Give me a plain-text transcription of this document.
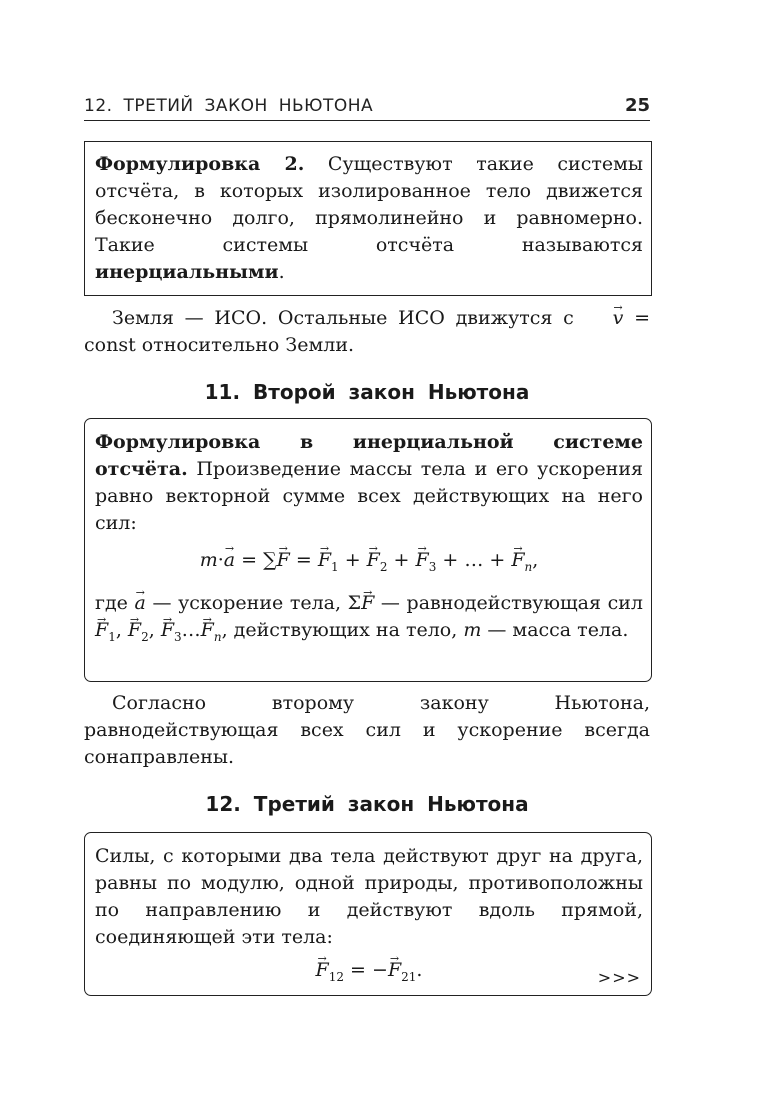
12. ТРЕТИЙ ЗАКОН НЬЮТОНА	25
Формулировка 2. Существуют такие системы отсчёта, в которых изолированное тело движется бесконечно долго, прямолинейно и равномерно. Такие системы отсчёта называются инерциальными.
Земля — ИСО. Остальные ИСО движутся с → v = const относительно Земли.
11. Второй закон Ньютона
Формулировка в инерциальной системе отсчёта. Произведение массы тела и его ускорения равно векторной сумме всех действующих на него сил:
m·→ a = ∑→ F = → $F_1$ + → $F_2$ + → $F_3$ + … + → $F_n$,
где → a — ускорение тела, Σ→ F — равнодействующая сил → $F_1$, → $F_2$, → $F_3\dots\to F_n$, действующих на тело, m — масса тела.
Согласно второму закону Ньютона, равнодействующая всех сил и ускорение всегда сонаправлены.
12. Третий закон Ньютона
Силы, с которыми два тела действуют друг на друга, равны по модулю, одной природы, противоположны по направлению и действуют вдоль прямой, соединяющей эти тела:
→ $F_{12}$ = −→ $F_{21}$.	>>>
